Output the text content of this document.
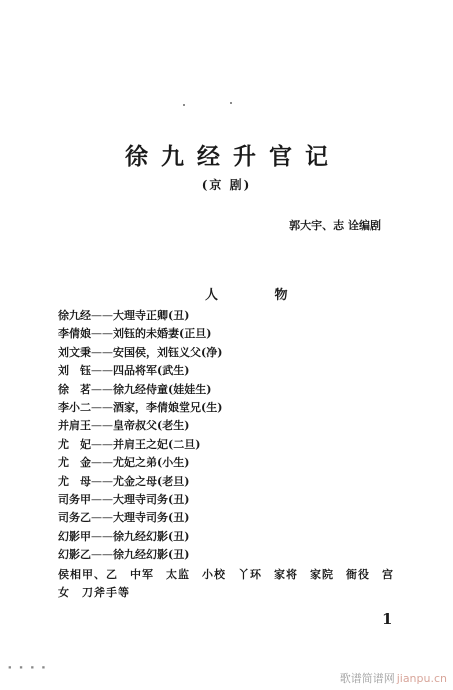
徐九经升官记
(京 剧)
郭大宇、志 诠编剧
人 物
徐九经——大理寺正卿(丑)
李倩娘——刘钰的未婚妻(正旦)
刘文秉——安国侯，刘钰义父(净)
刘　钰——四品将军(武生)
徐　茗——徐九经侍童(娃娃生)
李小二——酒家，李倩娘堂兄(生)
并肩王——皇帝叔父(老生)
尤　妃——并肩王之妃(二旦)
尤　金——尤妃之弟(小生)
尤　母——尤金之母(老旦)
司务甲——大理寺司务(丑)
司务乙——大理寺司务(丑)
幻影甲——徐九经幻影(丑)
幻影乙——徐九经幻影(丑)
侯相甲、乙　中军　太监　小校　丫环　家将　家院　衙役　宫女　刀斧手等
1
▪ ▪ ▪ ▪
歌谱简谱网 jianpu.cn
